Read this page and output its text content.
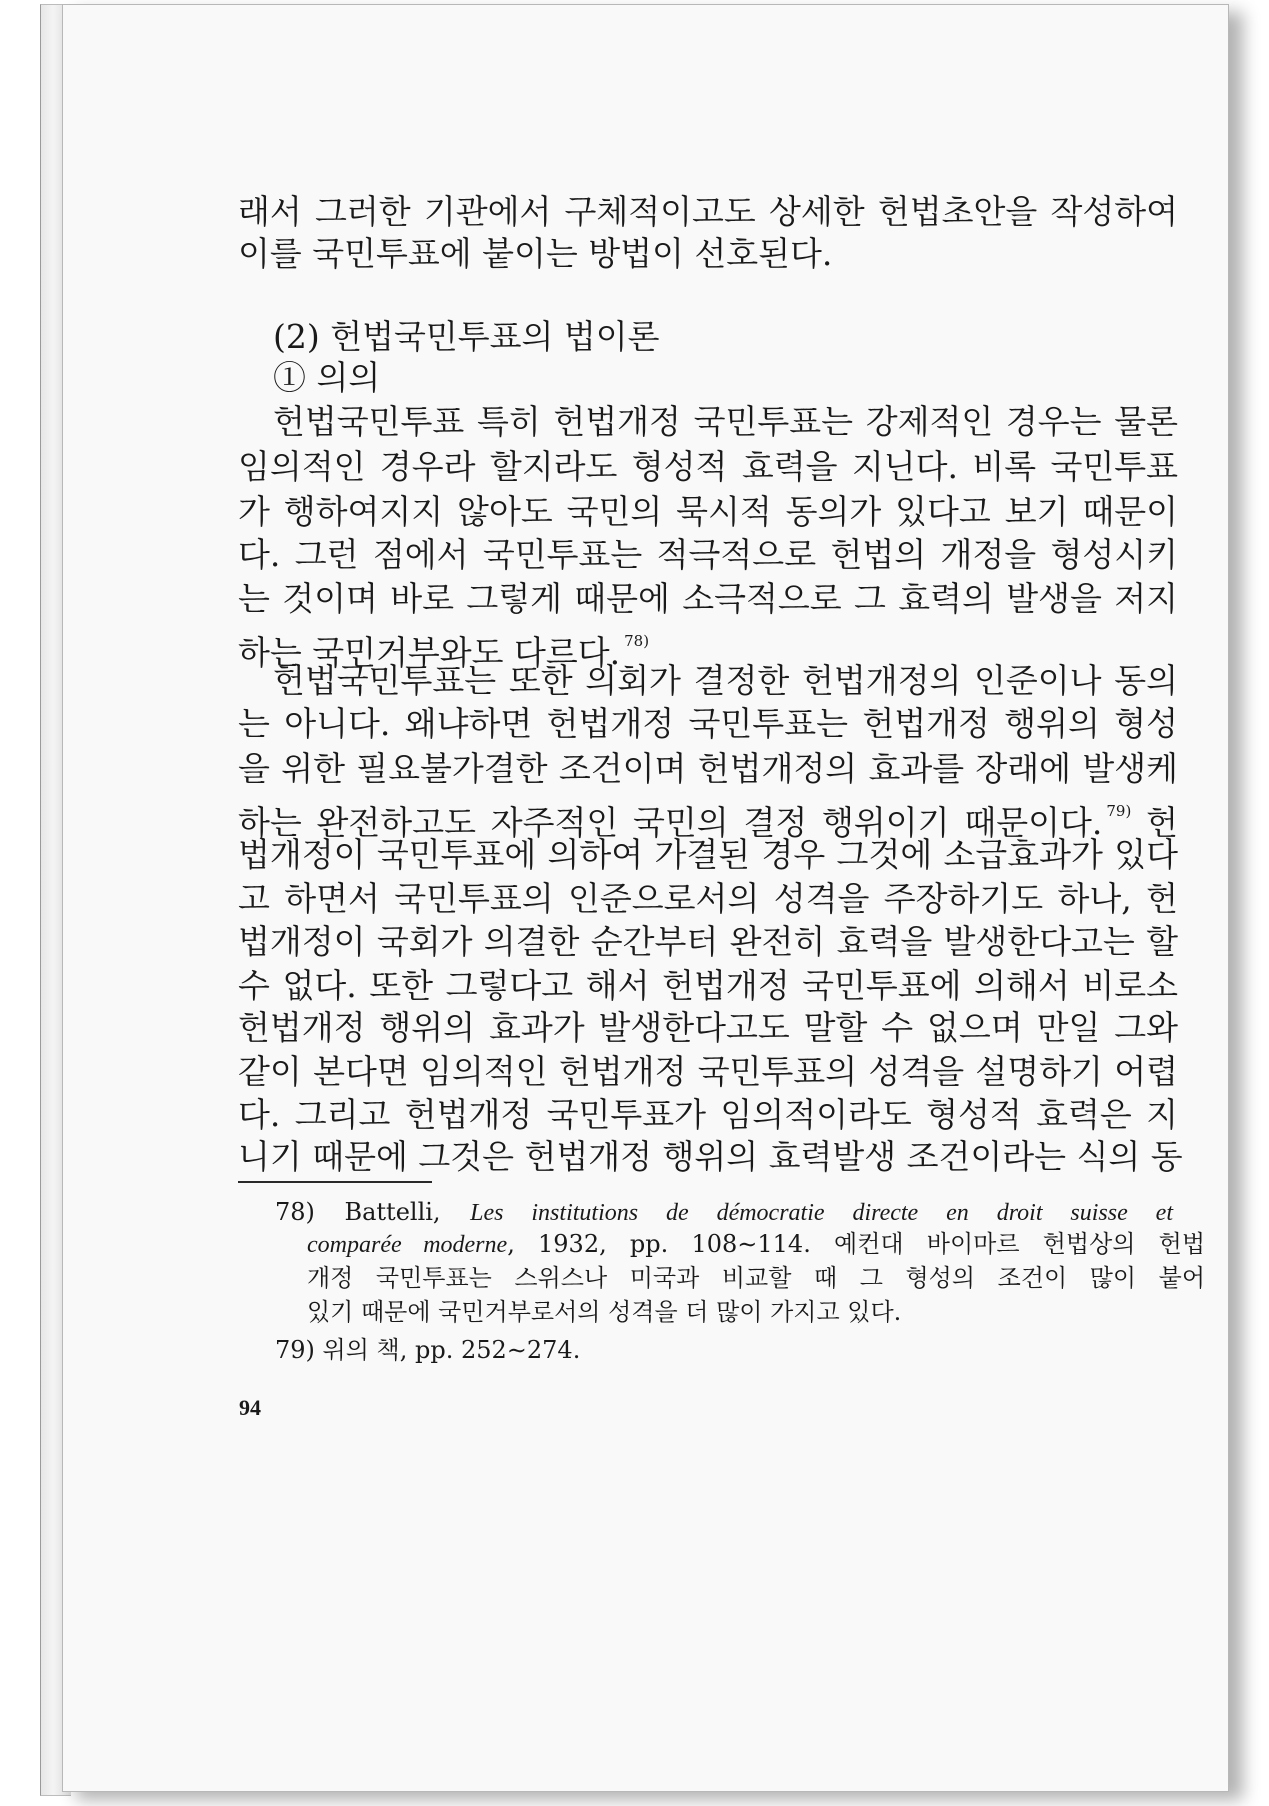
래서 그러한 기관에서 구체적이고도 상세한 헌법초안을 작성하여
이를 국민투표에 붙이는 방법이 선호된다.
(2) 헌법국민투표의 법이론
① 의의
헌법국민투표 특히 헌법개정 국민투표는 강제적인 경우는 물론
임의적인 경우라 할지라도 형성적 효력을 지닌다. 비록 국민투표
가 행하여지지 않아도 국민의 묵시적 동의가 있다고 보기 때문이
다. 그런 점에서 국민투표는 적극적으로 헌법의 개정을 형성시키
는 것이며 바로 그렇게 때문에 소극적으로 그 효력의 발생을 저지
하는 국민거부와도 다르다. $^{78)}$
헌법국민투표는 또한 의회가 결정한 헌법개정의 인준이나 동의
는 아니다. 왜냐하면 헌법개정 국민투표는 헌법개정 행위의 형성
을 위한 필요불가결한 조건이며 헌법개정의 효과를 장래에 발생케
하는 완전하고도 자주적인 국민의 결정 행위이기 때문이다. $^{79)}$ 헌
법개정이 국민투표에 의하여 가결된 경우 그것에 소급효과가 있다
고 하면서 국민투표의 인준으로서의 성격을 주장하기도 하나, 헌
법개정이 국회가 의결한 순간부터 완전히 효력을 발생한다고는 할
수 없다. 또한 그렇다고 해서 헌법개정 국민투표에 의해서 비로소
헌법개정 행위의 효과가 발생한다고도 말할 수 없으며 만일 그와
같이 본다면 임의적인 헌법개정 국민투표의 성격을 설명하기 어렵
다. 그리고 헌법개정 국민투표가 임의적이라도 형성적 효력은 지
니기 때문에 그것은 헌법개정 행위의 효력발생 조건이라는 식의 동
78) Battelli, Les institutions de démocratie directe en droit suisse et
comparée moderne, 1932, pp. 108∼114. 예컨대 바이마르 헌법상의 헌법
개정 국민투표는 스위스나 미국과 비교할 때 그 형성의 조건이 많이 붙어
있기 때문에 국민거부로서의 성격을 더 많이 가지고 있다.
79) 위의 책, pp. 252∼274.
94
